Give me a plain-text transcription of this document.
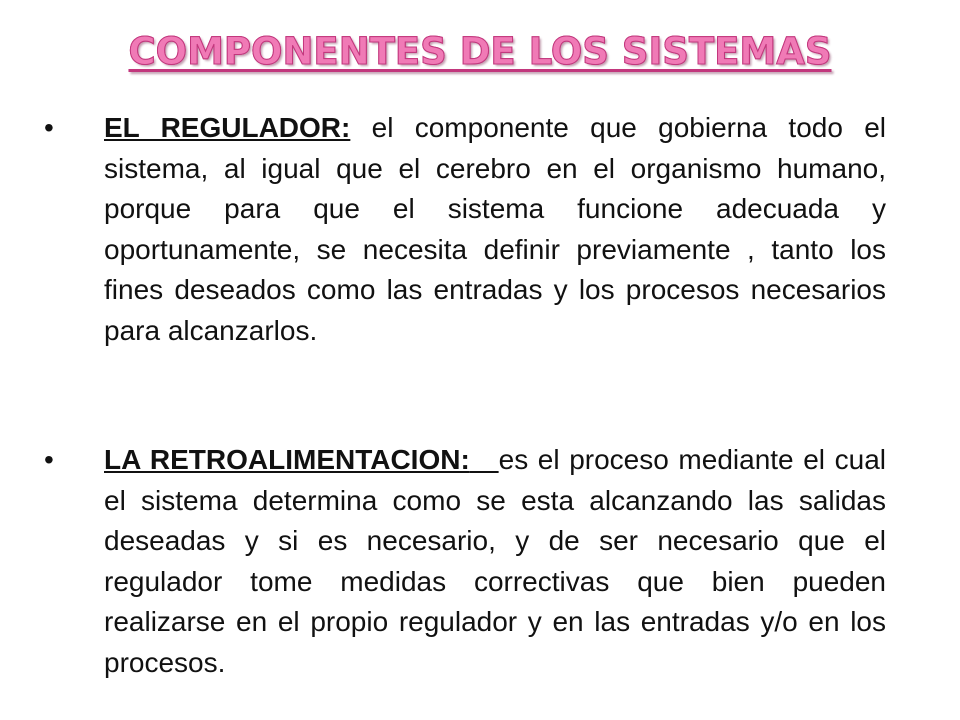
COMPONENTES DE LOS SISTEMAS
• EL REGULADOR: el componente que gobierna todo el sistema, al igual que el cerebro en el organismo humano, porque para que el sistema funcione adecuada y oportunamente, se necesita definir previamente , tanto los fines deseados como las entradas y los procesos necesarios para alcanzarlos.

• LA RETROALIMENTACION: es el proceso mediante el cual el sistema determina como se esta alcanzando las salidas deseadas y si es necesario, y de ser necesario que el regulador tome medidas correctivas que bien pueden realizarse en el propio regulador y en las entradas y/o en los procesos.
